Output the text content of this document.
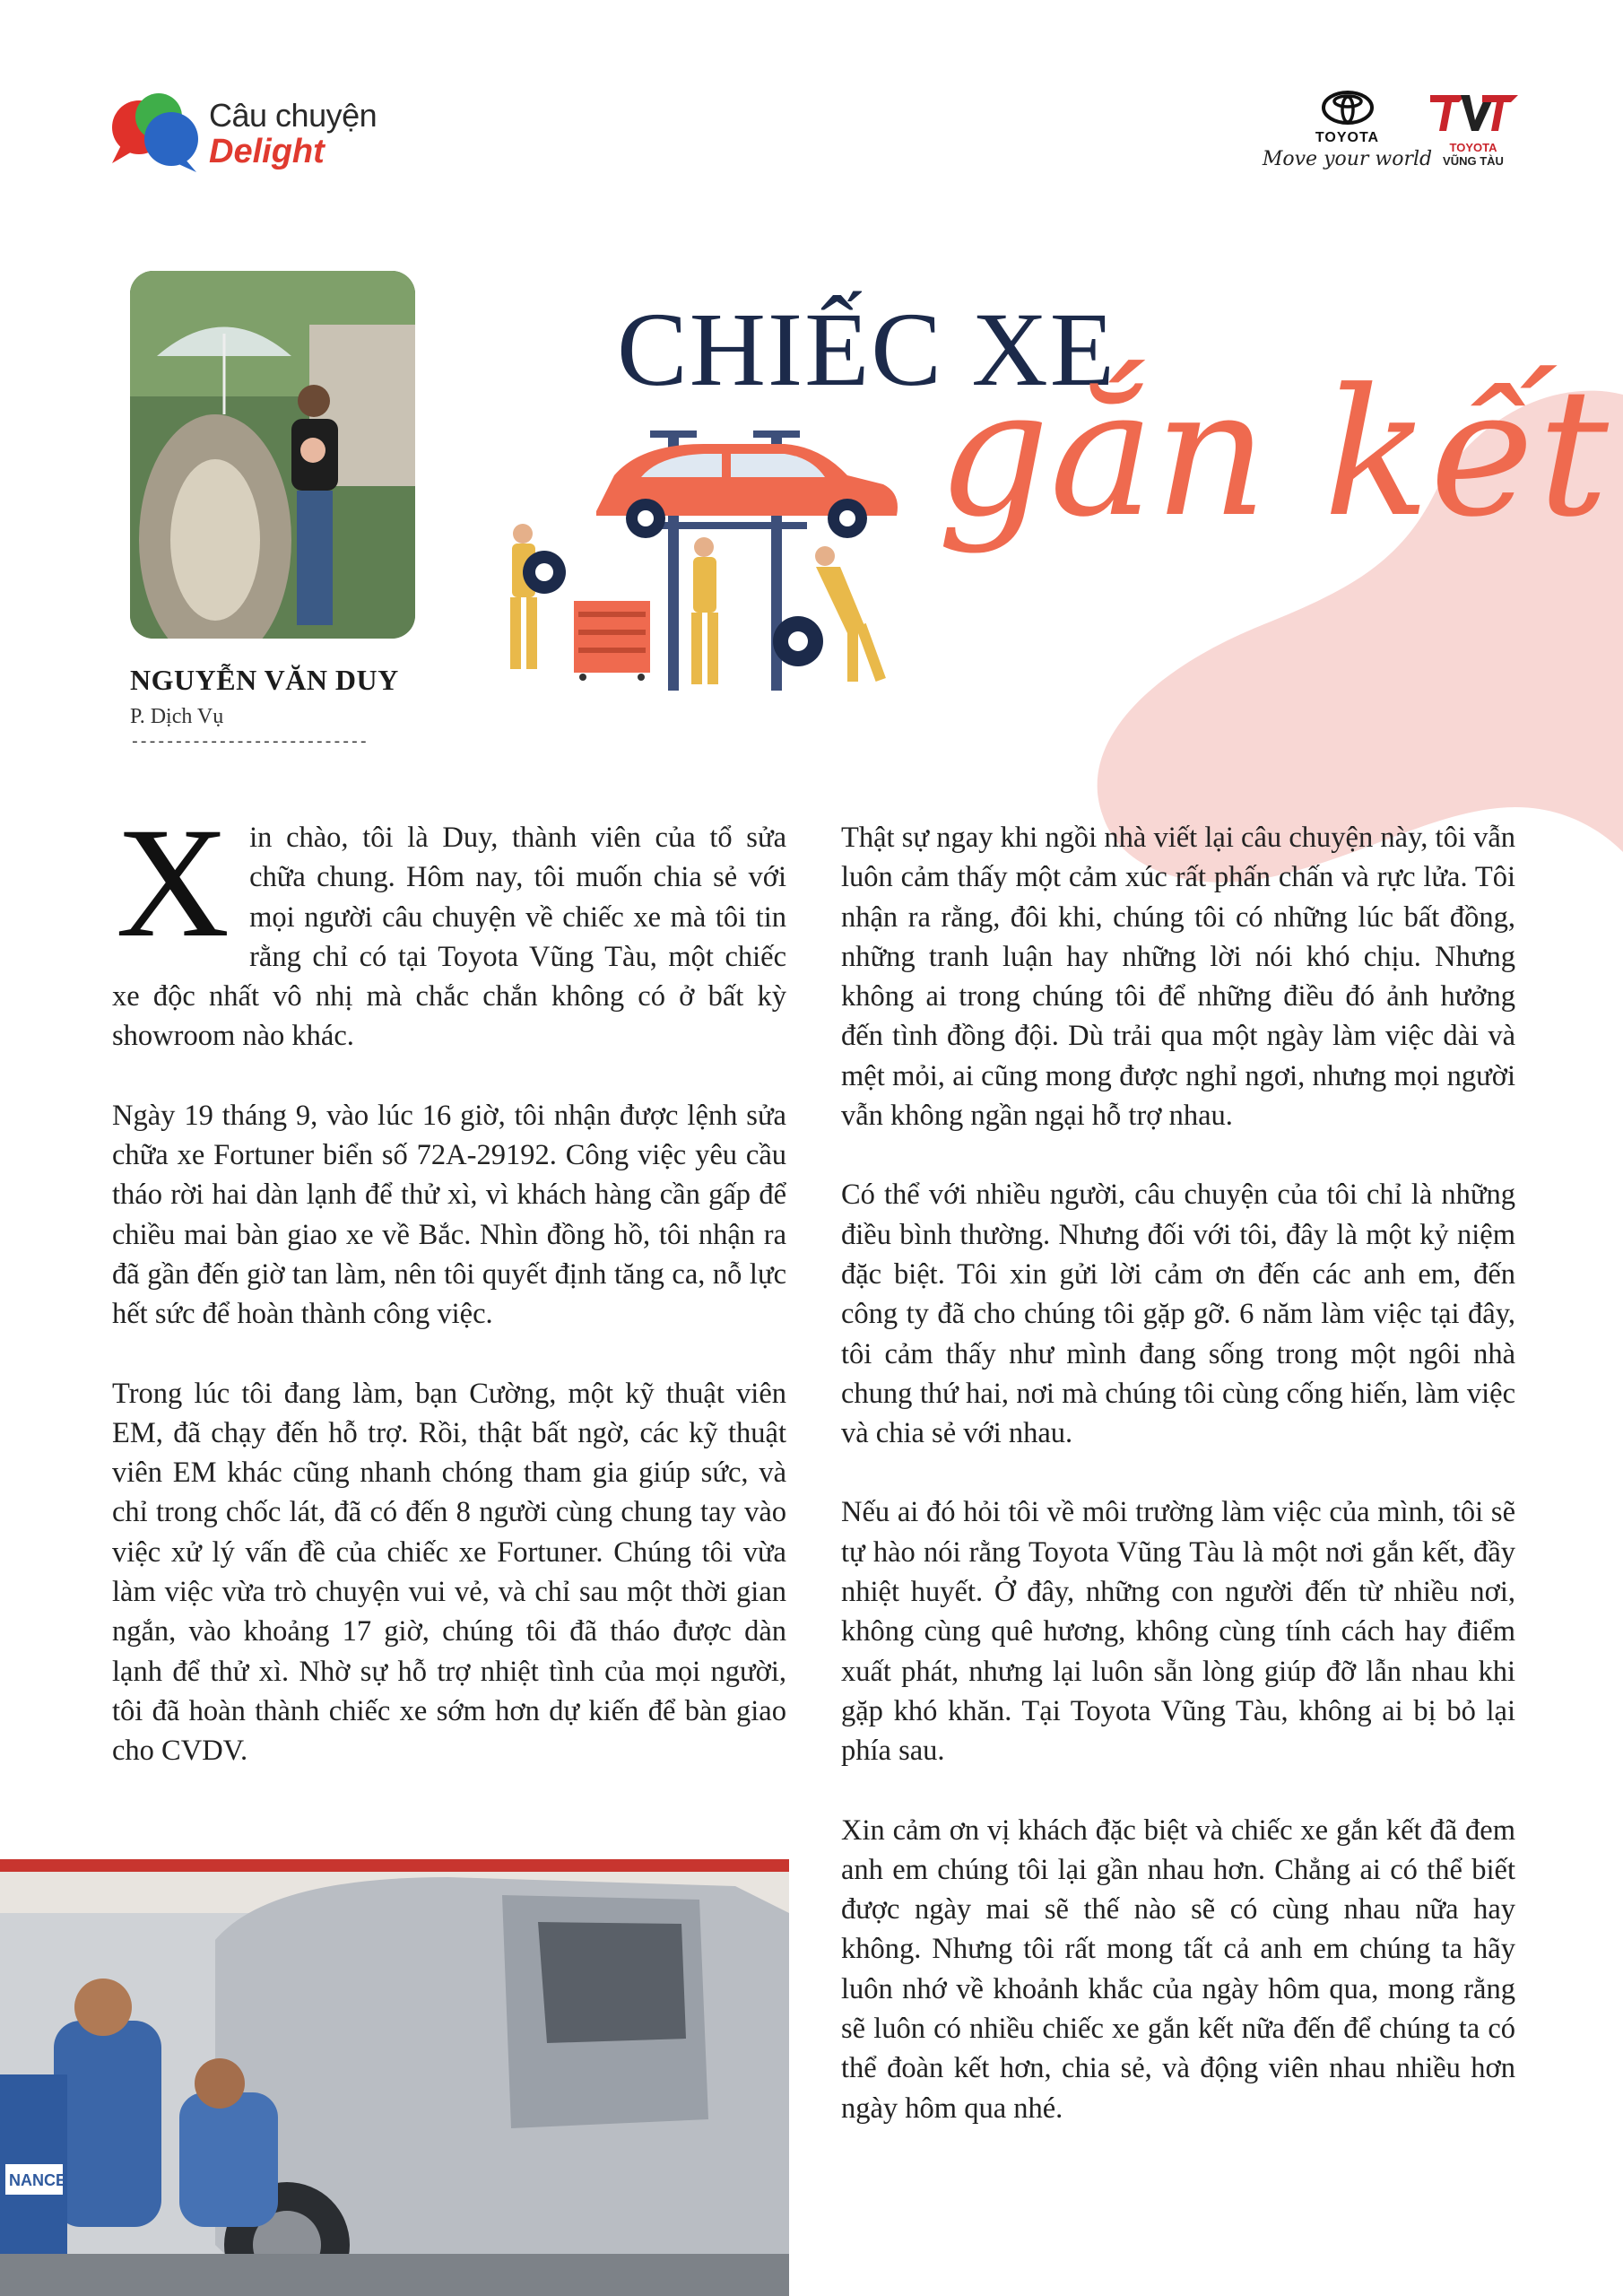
Câu chuyện
Delight	TOYOTA
Move your world
TOYOTA
VŨNG TÀU
NGUYỄN VĂN DUY
P. Dịch Vụ
---------------------------
CHIẾC XE
gắn kết

Xin chào, tôi là Duy, thành viên của tổ sửa chữa chung. Hôm nay, tôi muốn chia sẻ với mọi người câu chuyện về chiếc xe mà tôi tin rằng chỉ có tại Toyota Vũng Tàu, một chiếc xe độc nhất vô nhị mà chắc chắn không có ở bất kỳ showroom nào khác.

Ngày 19 tháng 9, vào lúc 16 giờ, tôi nhận được lệnh sửa chữa xe Fortuner biển số 72A-29192. Công việc yêu cầu tháo rời hai dàn lạnh để thử xì, vì khách hàng cần gấp để chiều mai bàn giao xe về Bắc. Nhìn đồng hồ, tôi nhận ra đã gần đến giờ tan làm, nên tôi quyết định tăng ca, nỗ lực hết sức để hoàn thành công việc.

Trong lúc tôi đang làm, bạn Cường, một kỹ thuật viên EM, đã chạy đến hỗ trợ. Rồi, thật bất ngờ, các kỹ thuật viên EM khác cũng nhanh chóng tham gia giúp sức, và chỉ trong chốc lát, đã có đến 8 người cùng chung tay vào việc xử lý vấn đề của chiếc xe Fortuner. Chúng tôi vừa làm việc vừa trò chuyện vui vẻ, và chỉ sau một thời gian ngắn, vào khoảng 17 giờ, chúng tôi đã tháo được dàn lạnh để thử xì. Nhờ sự hỗ trợ nhiệt tình của mọi người, tôi đã hoàn thành chiếc xe sớm hơn dự kiến để bàn giao cho CVDV.

Thật sự ngay khi ngồi nhà viết lại câu chuyện này, tôi vẫn luôn cảm thấy một cảm xúc rất phấn chấn và rực lửa. Tôi nhận ra rằng, đôi khi, chúng tôi có những lúc bất đồng, những tranh luận hay những lời nói khó chịu. Nhưng không ai trong chúng tôi để những điều đó ảnh hưởng đến tình đồng đội. Dù trải qua một ngày làm việc dài và mệt mỏi, ai cũng mong được nghỉ ngơi, nhưng mọi người vẫn không ngần ngại hỗ trợ nhau.

Có thể với nhiều người, câu chuyện của tôi chỉ là những điều bình thường. Nhưng đối với tôi, đây là một kỷ niệm đặc biệt. Tôi xin gửi lời cảm ơn đến các anh em, đến công ty đã cho chúng tôi gặp gỡ. 6 năm làm việc tại đây, tôi cảm thấy như mình đang sống trong một ngôi nhà chung thứ hai, nơi mà chúng tôi cùng cống hiến, làm việc và chia sẻ với nhau.

Nếu ai đó hỏi tôi về môi trường làm việc của mình, tôi sẽ tự hào nói rằng Toyota Vũng Tàu là một nơi gắn kết, đầy nhiệt huyết. Ở đây, những con người đến từ nhiều nơi, không cùng quê hương, không cùng tính cách hay điểm xuất phát, nhưng lại luôn sẵn lòng giúp đỡ lẫn nhau khi gặp khó khăn. Tại Toyota Vũng Tàu, không ai bị bỏ lại phía sau.

Xin cảm ơn vị khách đặc biệt và chiếc xe gắn kết đã đem anh em chúng tôi lại gần nhau hơn. Chẳng ai có thể biết được ngày mai sẽ thế nào sẽ có cùng nhau nữa hay không. Nhưng tôi rất mong tất cả anh em chúng ta hãy luôn nhớ về khoảnh khắc của ngày hôm qua, mong rằng sẽ luôn có nhiều chiếc xe gắn kết nữa đến để chúng ta có thể đoàn kết hơn, chia sẻ, và động viên nhau nhiều hơn ngày hôm qua nhé.

NANCE
